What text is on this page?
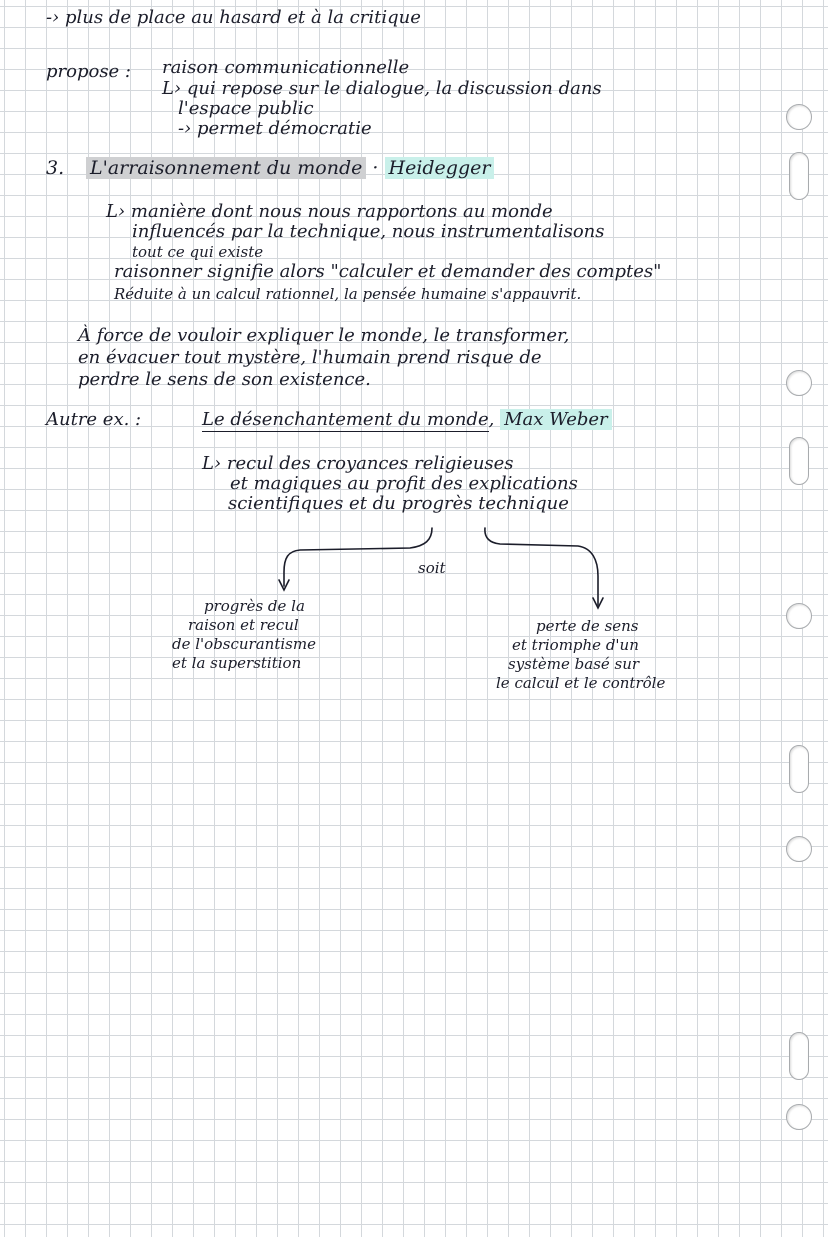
-› plus de place au hasard et à la critique
propose : raison communicationnelle
L› qui repose sur le dialogue, la discussion dans
l'espace public
-› permet démocratie
3. L'arraisonnement du monde · Heidegger
L› manière dont nous nous rapportons au monde
influencés par la technique, nous instrumentalisons
tout ce qui existe
raisonner signifie alors "calculer et demander des comptes"
Réduite à un calcul rationnel, la pensée humaine s'appauvrit.
À force de vouloir expliquer le monde, le transformer,
en évacuer tout mystère, l'humain prend risque de
perdre le sens de son existence.
Autre ex. :	Le désenchantement du monde, Max Weber
L› recul des croyances religieuses
et magiques au profit des explications
scientifiques et du progrès technique
soit
progrès de la
raison et recul
de l'obscurantisme
et la superstition
perte de sens
et triomphe d'un
système basé sur
le calcul et le contrôle
